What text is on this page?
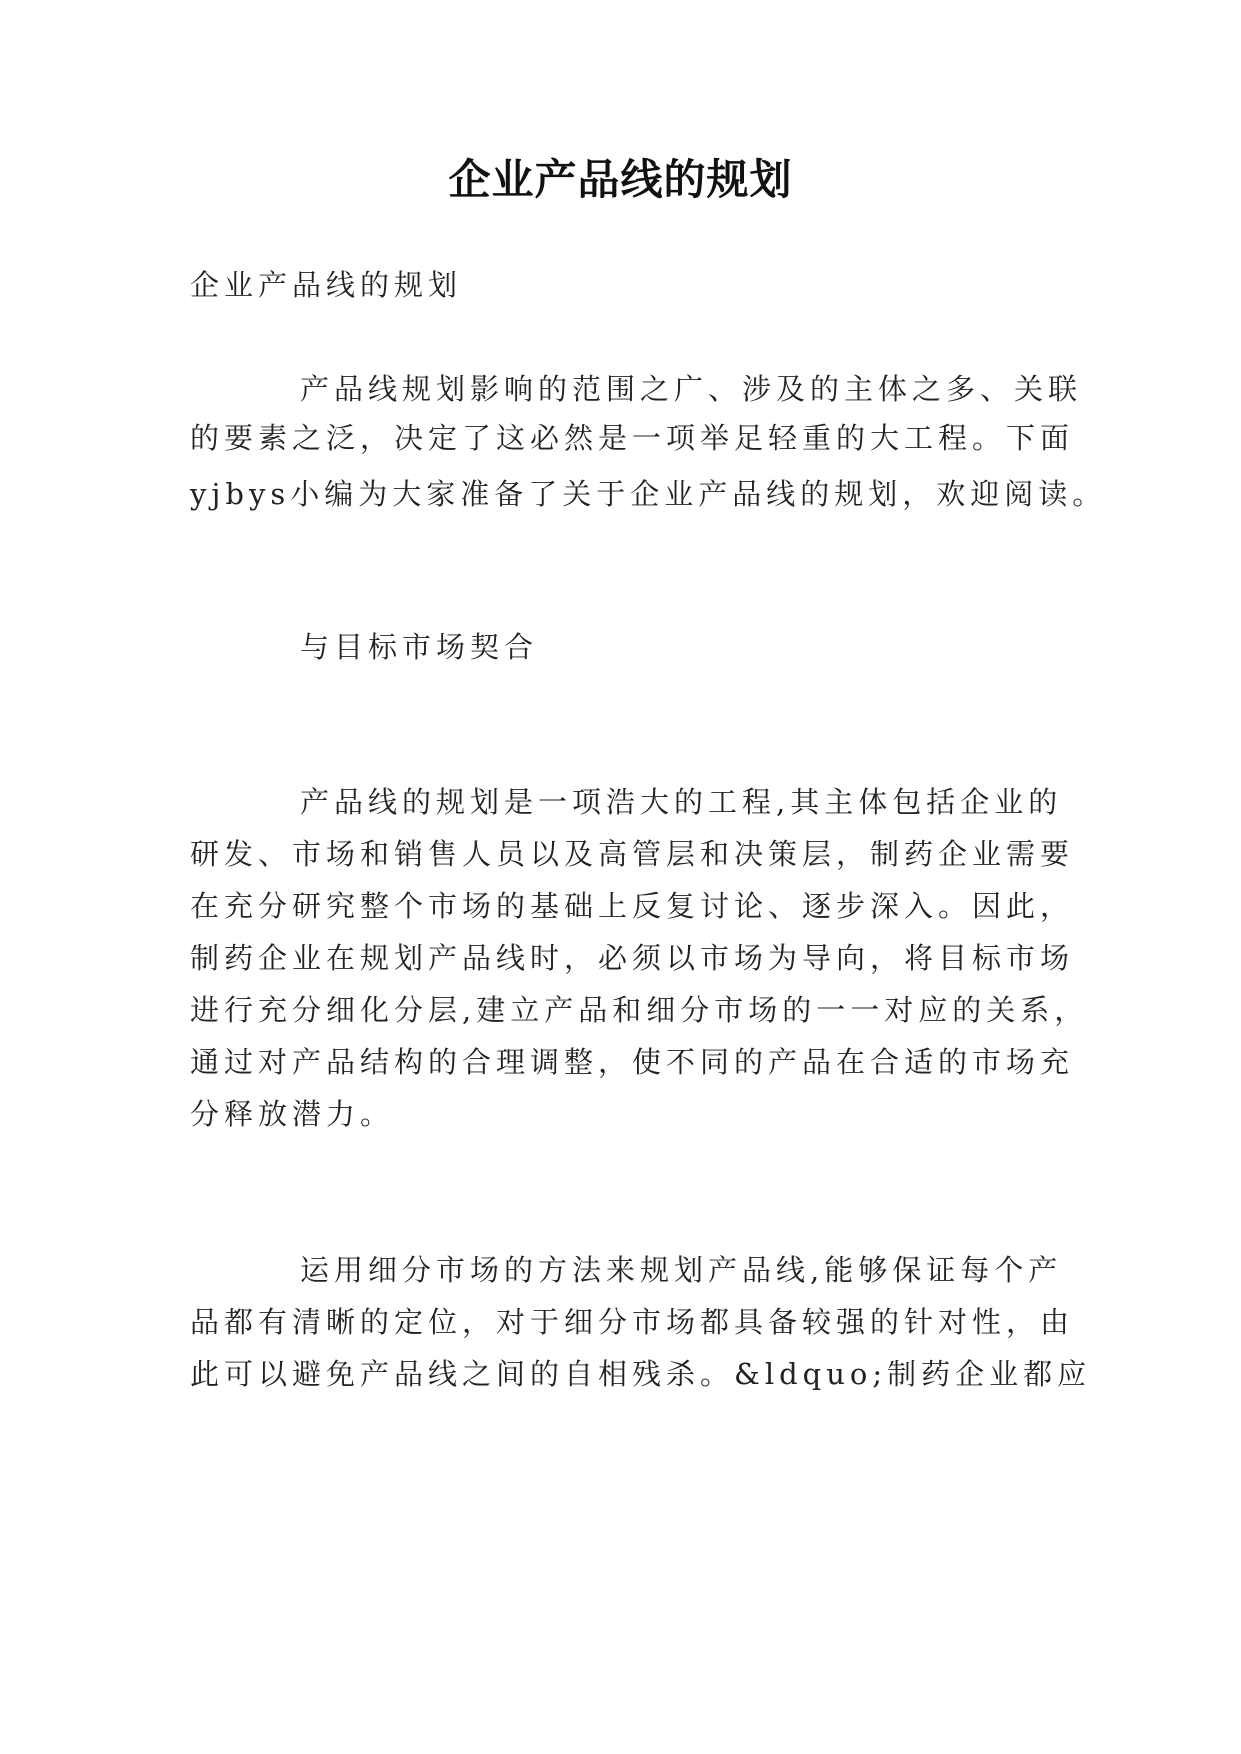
企业产品线的规划

企业产品线的规划

产品线规划影响的范围之广、涉及的主体之多、关联

的要素之泛，决定了这必然是一项举足轻重的大工程。下面

yjbys小编为大家准备了关于企业产品线的规划，欢迎阅读。

与目标市场契合

产品线的规划是一项浩大的工程,其主体包括企业的

研发、市场和销售人员以及高管层和决策层，制药企业需要

在充分研究整个市场的基础上反复讨论、逐步深入。因此，

制药企业在规划产品线时，必须以市场为导向，将目标市场

进行充分细化分层,建立产品和细分市场的一一对应的关系，

通过对产品结构的合理调整，使不同的产品在合适的市场充

分释放潜力。

运用细分市场的方法来规划产品线,能够保证每个产

品都有清晰的定位，对于细分市场都具备较强的针对性，由

此可以避免产品线之间的自相残杀。&ldquo;制药企业都应
